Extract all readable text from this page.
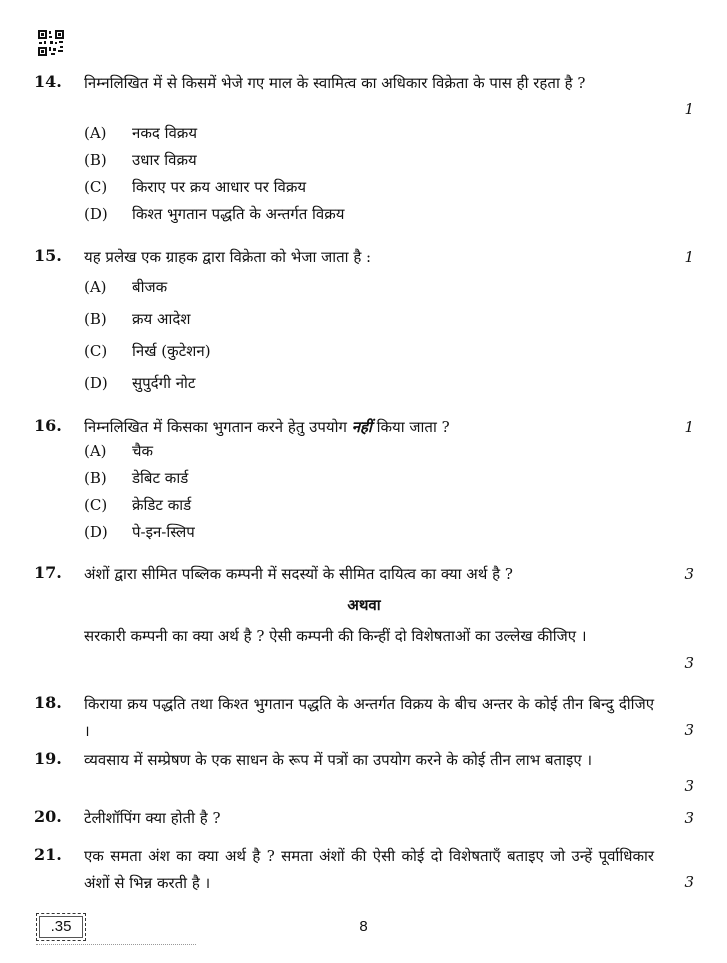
14. निम्नलिखित में से किसमें भेजे गए माल के स्वामित्व का अधिकार विक्रेता के पास ही रहता है ?
1
(A) नकद विक्रय
(B) उधार विक्रय
(C) किराए पर क्रय आधार पर विक्रय
(D) किश्त भुगतान पद्धति के अन्तर्गत विक्रय
15. यह प्रलेख एक ग्राहक द्वारा विक्रेता को भेजा जाता है :	1
(A) बीजक
(B) क्रय आदेश
(C) निर्ख (कुटेशन)
(D) सुपुर्दगी नोट
16. निम्नलिखित में किसका भुगतान करने हेतु उपयोग नहीं किया जाता ?	1
(A) चैक
(B) डेबिट कार्ड
(C) क्रेडिट कार्ड
(D) पे-इन-स्लिप
17. अंशों द्वारा सीमित पब्लिक कम्पनी में सदस्यों के सीमित दायित्व का क्या अर्थ है ?	3
अथवा
सरकारी कम्पनी का क्या अर्थ है ? ऐसी कम्पनी की किन्हीं दो विशेषताओं का उल्लेख कीजिए ।
3
18. किराया क्रय पद्धति तथा किश्त भुगतान पद्धति के अन्तर्गत विक्रय के बीच अन्तर के कोई तीन बिन्दु दीजिए ।	3
19. व्यवसाय में सम्प्रेषण के एक साधन के रूप में पत्रों का उपयोग करने के कोई तीन लाभ बताइए ।
3
20. टेलीशॉपिंग क्या होती है ?	3
21. एक समता अंश का क्या अर्थ है ? समता अंशों की ऐसी कोई दो विशेषताएँ बताइए जो उन्हें पूर्वाधिकार अंशों से भिन्न करती है ।	3
.35	8
